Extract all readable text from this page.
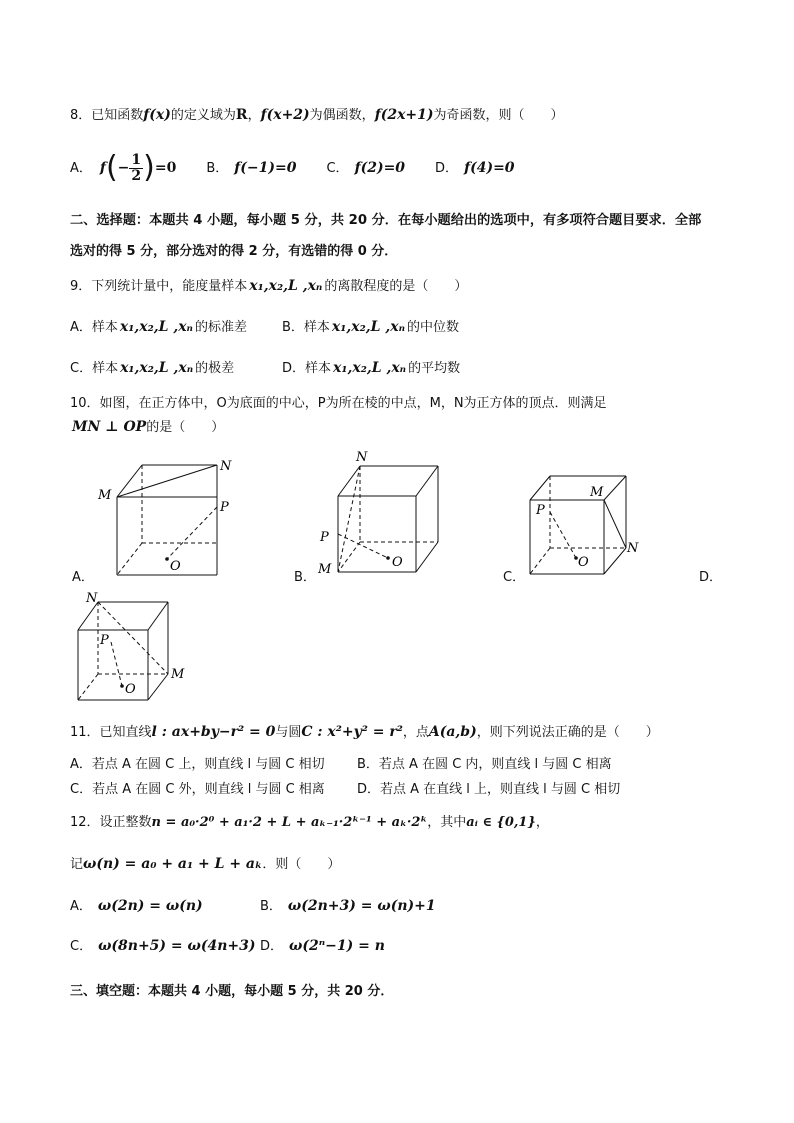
8．已知函数f(x)的定义域为R，f(x+2)为偶函数，f(2x+1)为奇函数，则（　　）
A． f ( − $\frac{1}{2}$ ) =0 B． f(−1)=0 C． f(2)=0 D． f(4)=0
二、选择题：本题共 4 小题，每小题 5 分，共 20 分．在每小题给出的选项中，有多项符合题目要求．全部
选对的得 5 分，部分选对的得 2 分，有选错的得 0 分．
9．下列统计量中，能度量样本 x₁,x₂,L ,xₙ 的离散程度的是（　　）
A．样本 x₁,x₂,L ,xₙ 的标准差	B．样本 x₁,x₂,L ,xₙ 的中位数
C．样本 x₁,x₂,L ,xₙ 的极差	D．样本 x₁,x₂,L ,xₙ 的平均数
10．如图，在正方体中，O为底面的中心，P为所在棱的中点，M，N为正方体的顶点．则满足
MN ⊥ OP的是（　　）
A．
M
N
P
O
B．
N
P
M	O
C．
M
P
N
O
D．
N
P
M
O
11．已知直线l : ax+by−r² = 0与圆C : x²+y² = r²，点A(a,b)，则下列说法正确的是（　　）
A．若点 A 在圆 C 上，则直线 l 与圆 C 相切 B．若点 A 在圆 C 内，则直线 l 与圆 C 相离
C．若点 A 在圆 C 外，则直线 l 与圆 C 相离 D．若点 A 在直线 l 上，则直线 l 与圆 C 相切
12．设正整数n = a₀·2⁰ + a₁·2 + L + aₖ₋₁·2ᵏ⁻¹ + aₖ·2ᵏ，其中aᵢ ∈ {0,1}，
记ω(n) = a₀ + a₁ + L + aₖ．则（　　）
A． ω(2n) = ω(n)	B． ω(2n+3) = ω(n)+1
C． ω(8n+5) = ω(4n+3) D． ω(2ⁿ−1) = n
三、填空题：本题共 4 小题，每小题 5 分，共 20 分．
